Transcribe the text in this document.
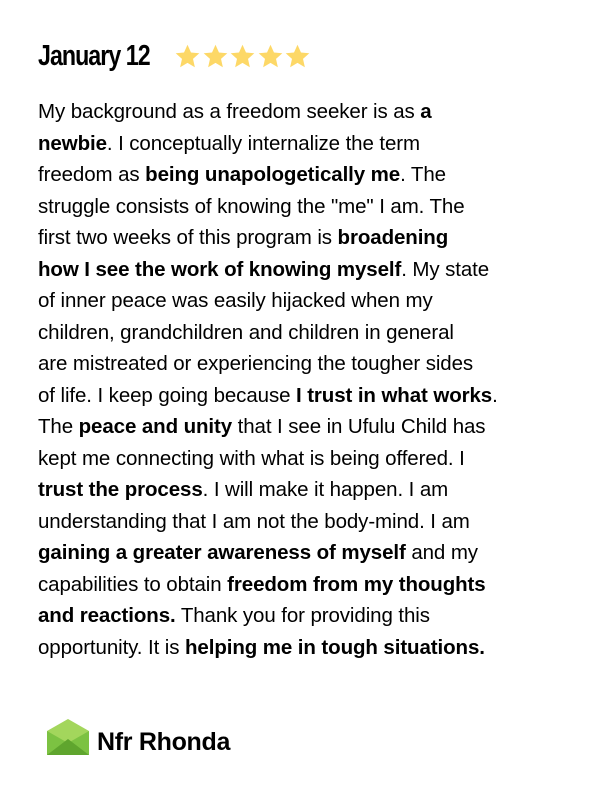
January 12
My background as a freedom seeker is as a
newbie. I conceptually internalize the term
freedom as being unapologetically me. The
struggle consists of knowing the "me" I am. The
first two weeks of this program is broadening
how I see the work of knowing myself. My state
of inner peace was easily hijacked when my
children, grandchildren and children in general
are mistreated or experiencing the tougher sides
of life. I keep going because I trust in what works.
The peace and unity that I see in Ufulu Child has
kept me connecting with what is being offered. I
trust the process. I will make it happen. I am
understanding that I am not the body-mind. I am
gaining a greater awareness of myself and my
capabilities to obtain freedom from my thoughts
and reactions. Thank you for providing this
opportunity. It is helping me in tough situations.
Nfr Rhonda
